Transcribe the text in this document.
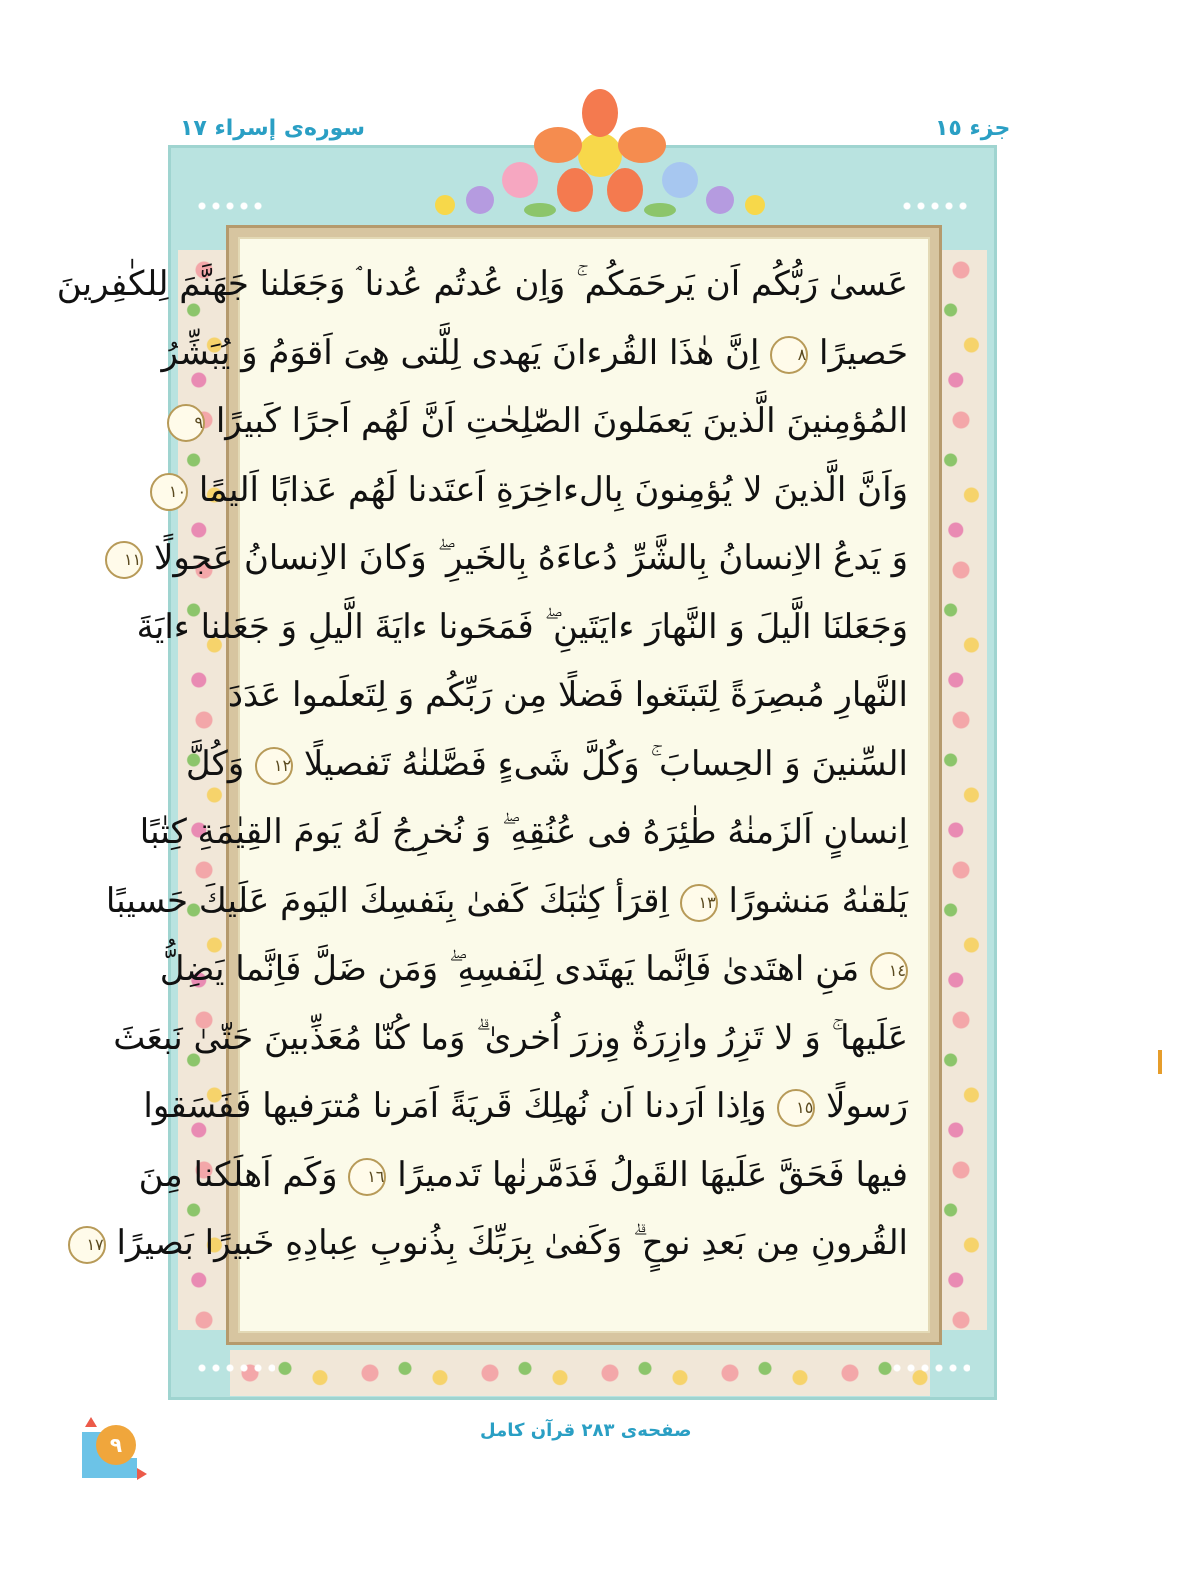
جزء ١٥
سوره‌ی إسراء ١٧
عَسىٰ رَبُّكُم اَن يَرحَمَكُم ۚ وَاِن عُدتُم عُدنا ۘ وَجَعَلنا جَهَنَّمَ لِلكٰفِرينَ
حَصيرًا ٨ اِنَّ هٰذَا القُرءانَ يَهدى لِلَّتى هِىَ اَقوَمُ وَ يُبَشِّرُ
المُؤمِنينَ الَّذينَ يَعمَلونَ الصّٰلِحٰتِ اَنَّ لَهُم اَجرًا كَبيرًا ٩
وَاَنَّ الَّذينَ لا يُؤمِنونَ بِالءاخِرَةِ اَعتَدنا لَهُم عَذابًا اَليمًا ١٠
وَ يَدعُ الاِنسانُ بِالشَّرِّ دُعاءَهُ بِالخَيرِ ۖ وَكانَ الاِنسانُ عَجولًا ١١
وَجَعَلنَا الَّيلَ وَ النَّهارَ ءايَتَينِ ۖ فَمَحَونا ءايَةَ الَّيلِ وَ جَعَلنا ءايَةَ
النَّهارِ مُبصِرَةً لِتَبتَغوا فَضلًا مِن رَبِّكُم وَ لِتَعلَموا عَدَدَ
السِّنينَ وَ الحِسابَ ۚ وَكُلَّ شَىءٍ فَصَّلنٰهُ تَفصيلًا ١٢ وَكُلَّ
اِنسانٍ اَلزَمنٰهُ طٰئِرَهُ فى عُنُقِهِ ۖ وَ نُخرِجُ لَهُ يَومَ القِيٰمَةِ كِتٰبًا
يَلقىٰهُ مَنشورًا ١٣ اِقرَأ كِتٰبَكَ كَفىٰ بِنَفسِكَ اليَومَ عَلَيكَ حَسيبًا
١٤ مَنِ اهتَدىٰ فَاِنَّما يَهتَدى لِنَفسِهِ ۖ وَمَن ضَلَّ فَاِنَّما يَضِلُّ
عَلَيها ۚ وَ لا تَزِرُ وازِرَةٌ وِزرَ اُخرىٰ ۗ وَما كُنّا مُعَذِّبينَ حَتّىٰ نَبعَثَ
رَسولًا ١٥ وَاِذا اَرَدنا اَن نُهلِكَ قَريَةً اَمَرنا مُترَفيها فَفَسَقوا
فيها فَحَقَّ عَلَيهَا القَولُ فَدَمَّرنٰها تَدميرًا ١٦ وَكَم اَهلَكنا مِنَ
القُرونِ مِن بَعدِ نوحٍ ۗ وَكَفىٰ بِرَبِّكَ بِذُنوبِ عِبادِهِ خَبيرًا بَصيرًا ١٧
صفحه‌ی ٢٨٣ قرآن كامل
٩
